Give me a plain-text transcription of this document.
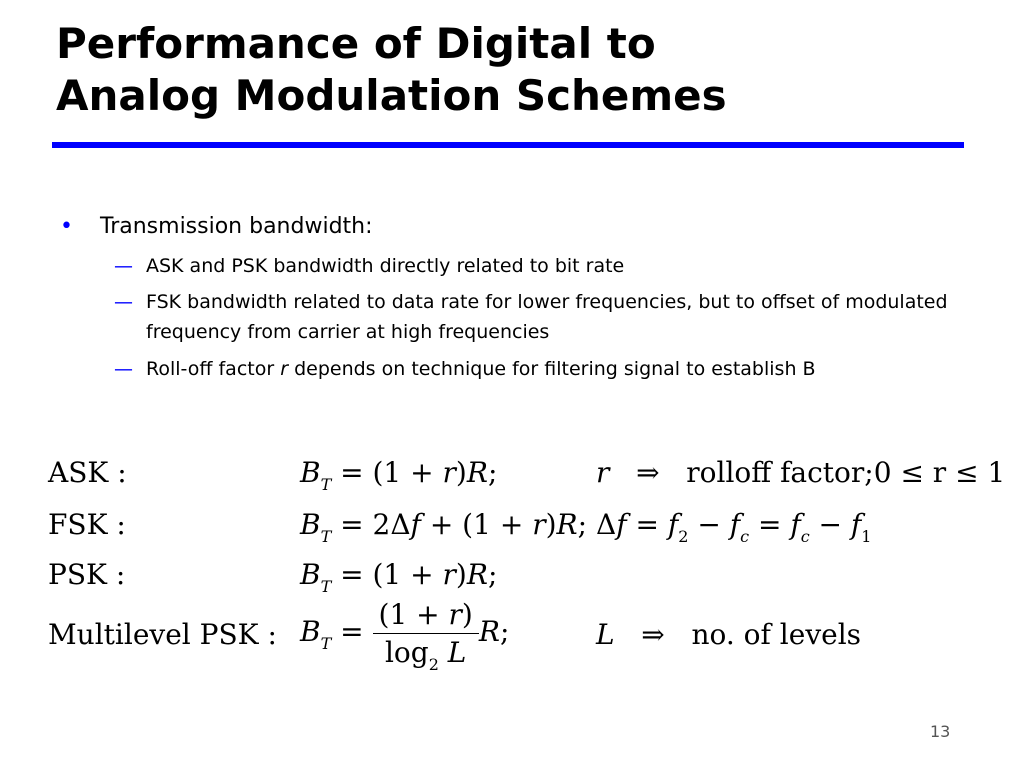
Performance of Digital to
Analog Modulation Schemes
• Transmission bandwidth:
— ASK and PSK bandwidth directly related to bit rate
— FSK bandwidth related to data rate for lower frequencies, but to offset of modulated frequency from carrier at high frequencies
— Roll-off factor r depends on technique for filtering signal to establish B
ASK :	$B_T = (1 + r)R$;	r   ⇒   rolloff factor;0 ≤ r ≤ 1
FSK :	$B_T = 2\Delta f + (1 + r)R$; $\Delta f = f_2 - f_c = f_c - f_1$
PSK :	$B_T = (1 + r)R$;
Multilevel PSK : $B_T = \frac{(1 + r)}{\log_2 L} R$;	L   ⇒   no. of levels
13
